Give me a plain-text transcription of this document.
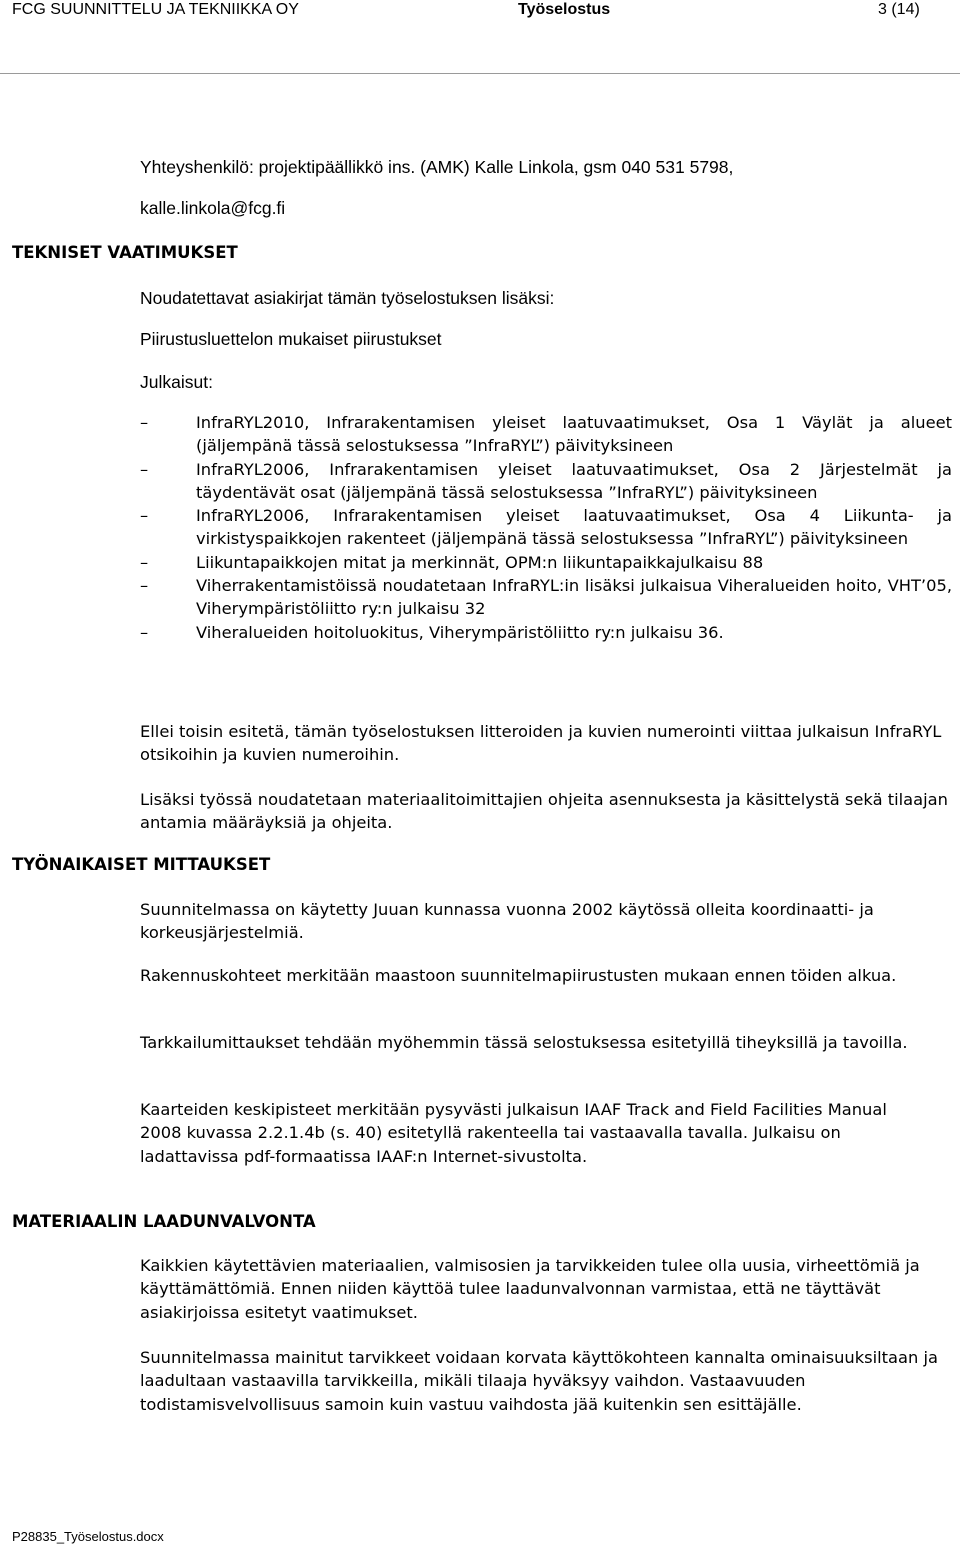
FCG SUUNNITTELU JA TEKNIIKKA OY	Työselostus	3 (14)
Yhteyshenkilö: projektipäällikkö ins. (AMK) Kalle Linkola, gsm 040 531 5798,
kalle.linkola@fcg.fi
TEKNISET VAATIMUKSET
Noudatettavat asiakirjat tämän työselostuksen lisäksi:
Piirustusluettelon mukaiset piirustukset
Julkaisut:
– InfraRYL2010, Infrarakentamisen yleiset laatuvaatimukset, Osa 1 Väylät ja alueet (jäljempänä tässä selostuksessa ”InfraRYL”) päivityksineen
– InfraRYL2006, Infrarakentamisen yleiset laatuvaatimukset, Osa 2 Järjestelmät ja täydentävät osat (jäljempänä tässä selostuksessa ”InfraRYL”) päivityksineen
– InfraRYL2006, Infrarakentamisen yleiset laatuvaatimukset, Osa 4 Liikunta- ja virkistyspaikkojen rakenteet (jäljempänä tässä selostuksessa ”InfraRYL”) päivityksineen
– Liikuntapaikkojen mitat ja merkinnät, OPM:n liikuntapaikkajulkaisu 88
– Viherrakentamistöissä noudatetaan InfraRYL:in lisäksi julkaisua Viheralueiden hoito, VHT’05, Viherympäristöliitto ry:n julkaisu 32
– Viheralueiden hoitoluokitus, Viherympäristöliitto ry:n julkaisu 36.
Ellei toisin esitetä, tämän työselostuksen litteroiden ja kuvien numerointi viittaa julkaisun InfraRYL otsikoihin ja kuvien numeroihin.
Lisäksi työssä noudatetaan materiaalitoimittajien ohjeita asennuksesta ja käsittelystä sekä tilaajan antamia määräyksiä ja ohjeita.
TYÖNAIKAISET MITTAUKSET
Suunnitelmassa on käytetty Juuan kunnassa vuonna 2002 käytössä olleita koordinaatti- ja korkeusjärjestelmiä.
Rakennuskohteet merkitään maastoon suunnitelmapiirustusten mukaan ennen töiden alkua.
Tarkkailumittaukset tehdään myöhemmin tässä selostuksessa esitetyillä tiheyksillä ja tavoilla.
Kaarteiden keskipisteet merkitään pysyvästi julkaisun IAAF Track and Field Facilities Manual 2008 kuvassa 2.2.1.4b (s. 40) esitetyllä rakenteella tai vastaavalla tavalla. Julkaisu on ladattavissa pdf-formaatissa IAAF:n Internet-sivustolta.
MATERIAALIN LAADUNVALVONTA
Kaikkien käytettävien materiaalien, valmisosien ja tarvikkeiden tulee olla uusia, virheettömiä ja käyttämättömiä. Ennen niiden käyttöä tulee laadunvalvonnan varmistaa, että ne täyttävät asiakirjoissa esitetyt vaatimukset.
Suunnitelmassa mainitut tarvikkeet voidaan korvata käyttökohteen kannalta ominaisuuksiltaan ja laadultaan vastaavilla tarvikkeilla, mikäli tilaaja hyväksyy vaihdon. Vastaavuuden todistamisvelvollisuus samoin kuin vastuu vaihdosta jää kuitenkin sen esittäjälle.
P28835_Työselostus.docx
